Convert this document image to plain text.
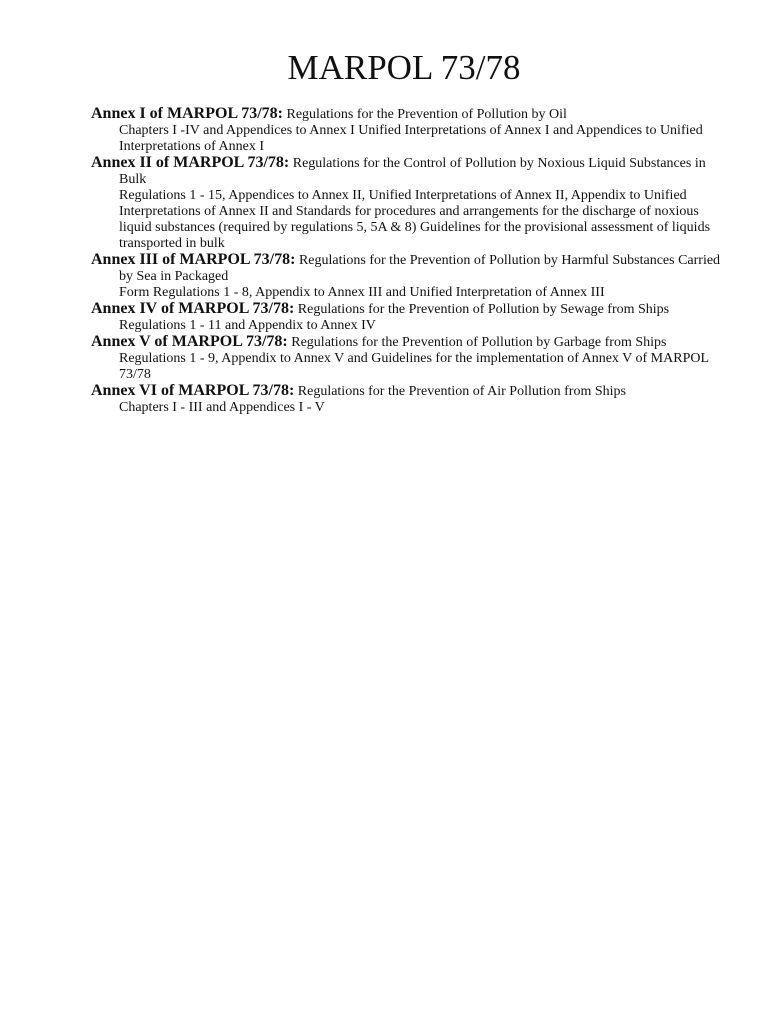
MARPOL 73/78
Annex I of MARPOL 73/78: Regulations for the Prevention of Pollution by Oil
Chapters I -IV and Appendices to Annex I Unified Interpretations of Annex I and Appendices to Unified Interpretations of Annex I
Annex II of MARPOL 73/78: Regulations for the Control of Pollution by Noxious Liquid Substances in Bulk
Regulations 1 - 15, Appendices to Annex II, Unified Interpretations of Annex II, Appendix to Unified Interpretations of Annex II and Standards for procedures and arrangements for the discharge of noxious liquid substances (required by regulations 5, 5A & 8) Guidelines for the provisional assessment of liquids transported in bulk
Annex III of MARPOL 73/78: Regulations for the Prevention of Pollution by Harmful Substances Carried by Sea in Packaged
Form Regulations 1 - 8, Appendix to Annex III and Unified Interpretation of Annex III
Annex IV of MARPOL 73/78: Regulations for the Prevention of Pollution by Sewage from Ships Regulations 1 - 11 and Appendix to Annex IV
Annex V of MARPOL 73/78: Regulations for the Prevention of Pollution by Garbage from Ships
Regulations 1 - 9, Appendix to Annex V and Guidelines for the implementation of Annex V of MARPOL 73/78
Annex VI of MARPOL 73/78: Regulations for the Prevention of Air Pollution from Ships
Chapters I - III and Appendices I - V
